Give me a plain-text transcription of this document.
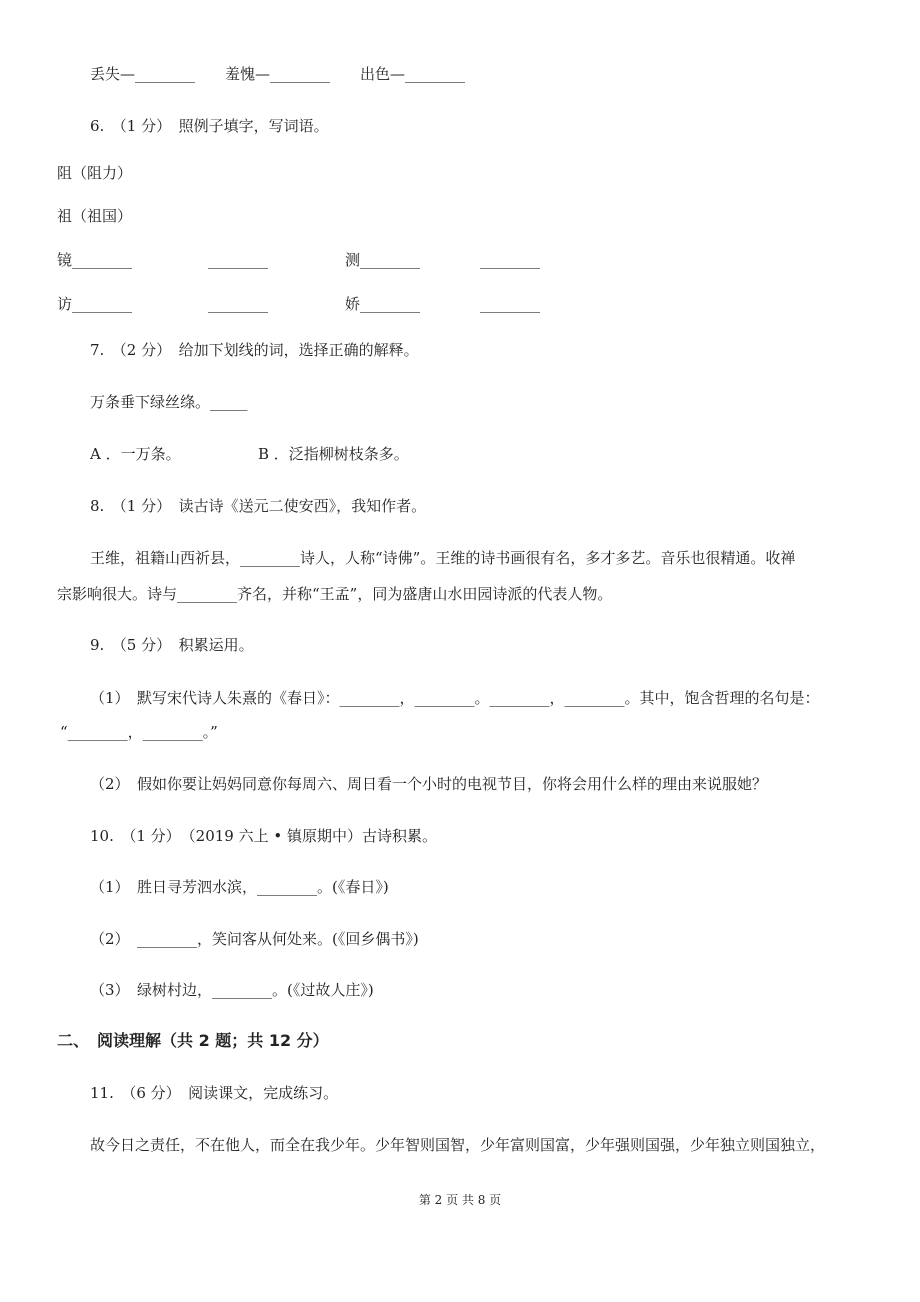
丢失—________　　羞愧—________　　出色—________
6.　（1 分）　照例子填字，写词语。
阻（阻力）
祖（祖国）
镜________	________	测________	________
访________	________	娇________	________
7.　（2 分）　给加下划线的词，选择正确的解释。
万条垂下绿丝绦。_____
A ．一万条。	B ．泛指柳树枝条多。
8.　（1 分）　读古诗《送元二使安西》，我知作者。
王维，祖籍山西祈县，________诗人，人称“诗佛”。王维的诗书画很有名，多才多艺。音乐也很精通。收禅
宗影响很大。诗与________齐名，并称“王孟”，同为盛唐山水田园诗派的代表人物。
9.　（5 分）　积累运用。
（1）　默写宋代诗人朱熹的《春日》：________，________。________，________。其中，饱含哲理的名句是：
“________，________。”
（2）　假如你要让妈妈同意你每周六、周日看一个小时的电视节目，你将会用什么样的理由来说服她？
10.　（1 分）　（2019 六上 • 镇原期中）古诗积累。
（1）　胜日寻芳泗水滨，________。(《春日》)
（2）　________，笑问客从何处来。(《回乡偶书》)
（3）　绿树村边，________。(《过故人庄》)
二、　阅读理解（共 2 题；共 12 分）
11.　（6 分）　阅读课文，完成练习。
故今日之责任，不在他人，而全在我少年。少年智则国智，少年富则国富，少年强则国强，少年独立则国独立，
第 2 页 共 8 页
